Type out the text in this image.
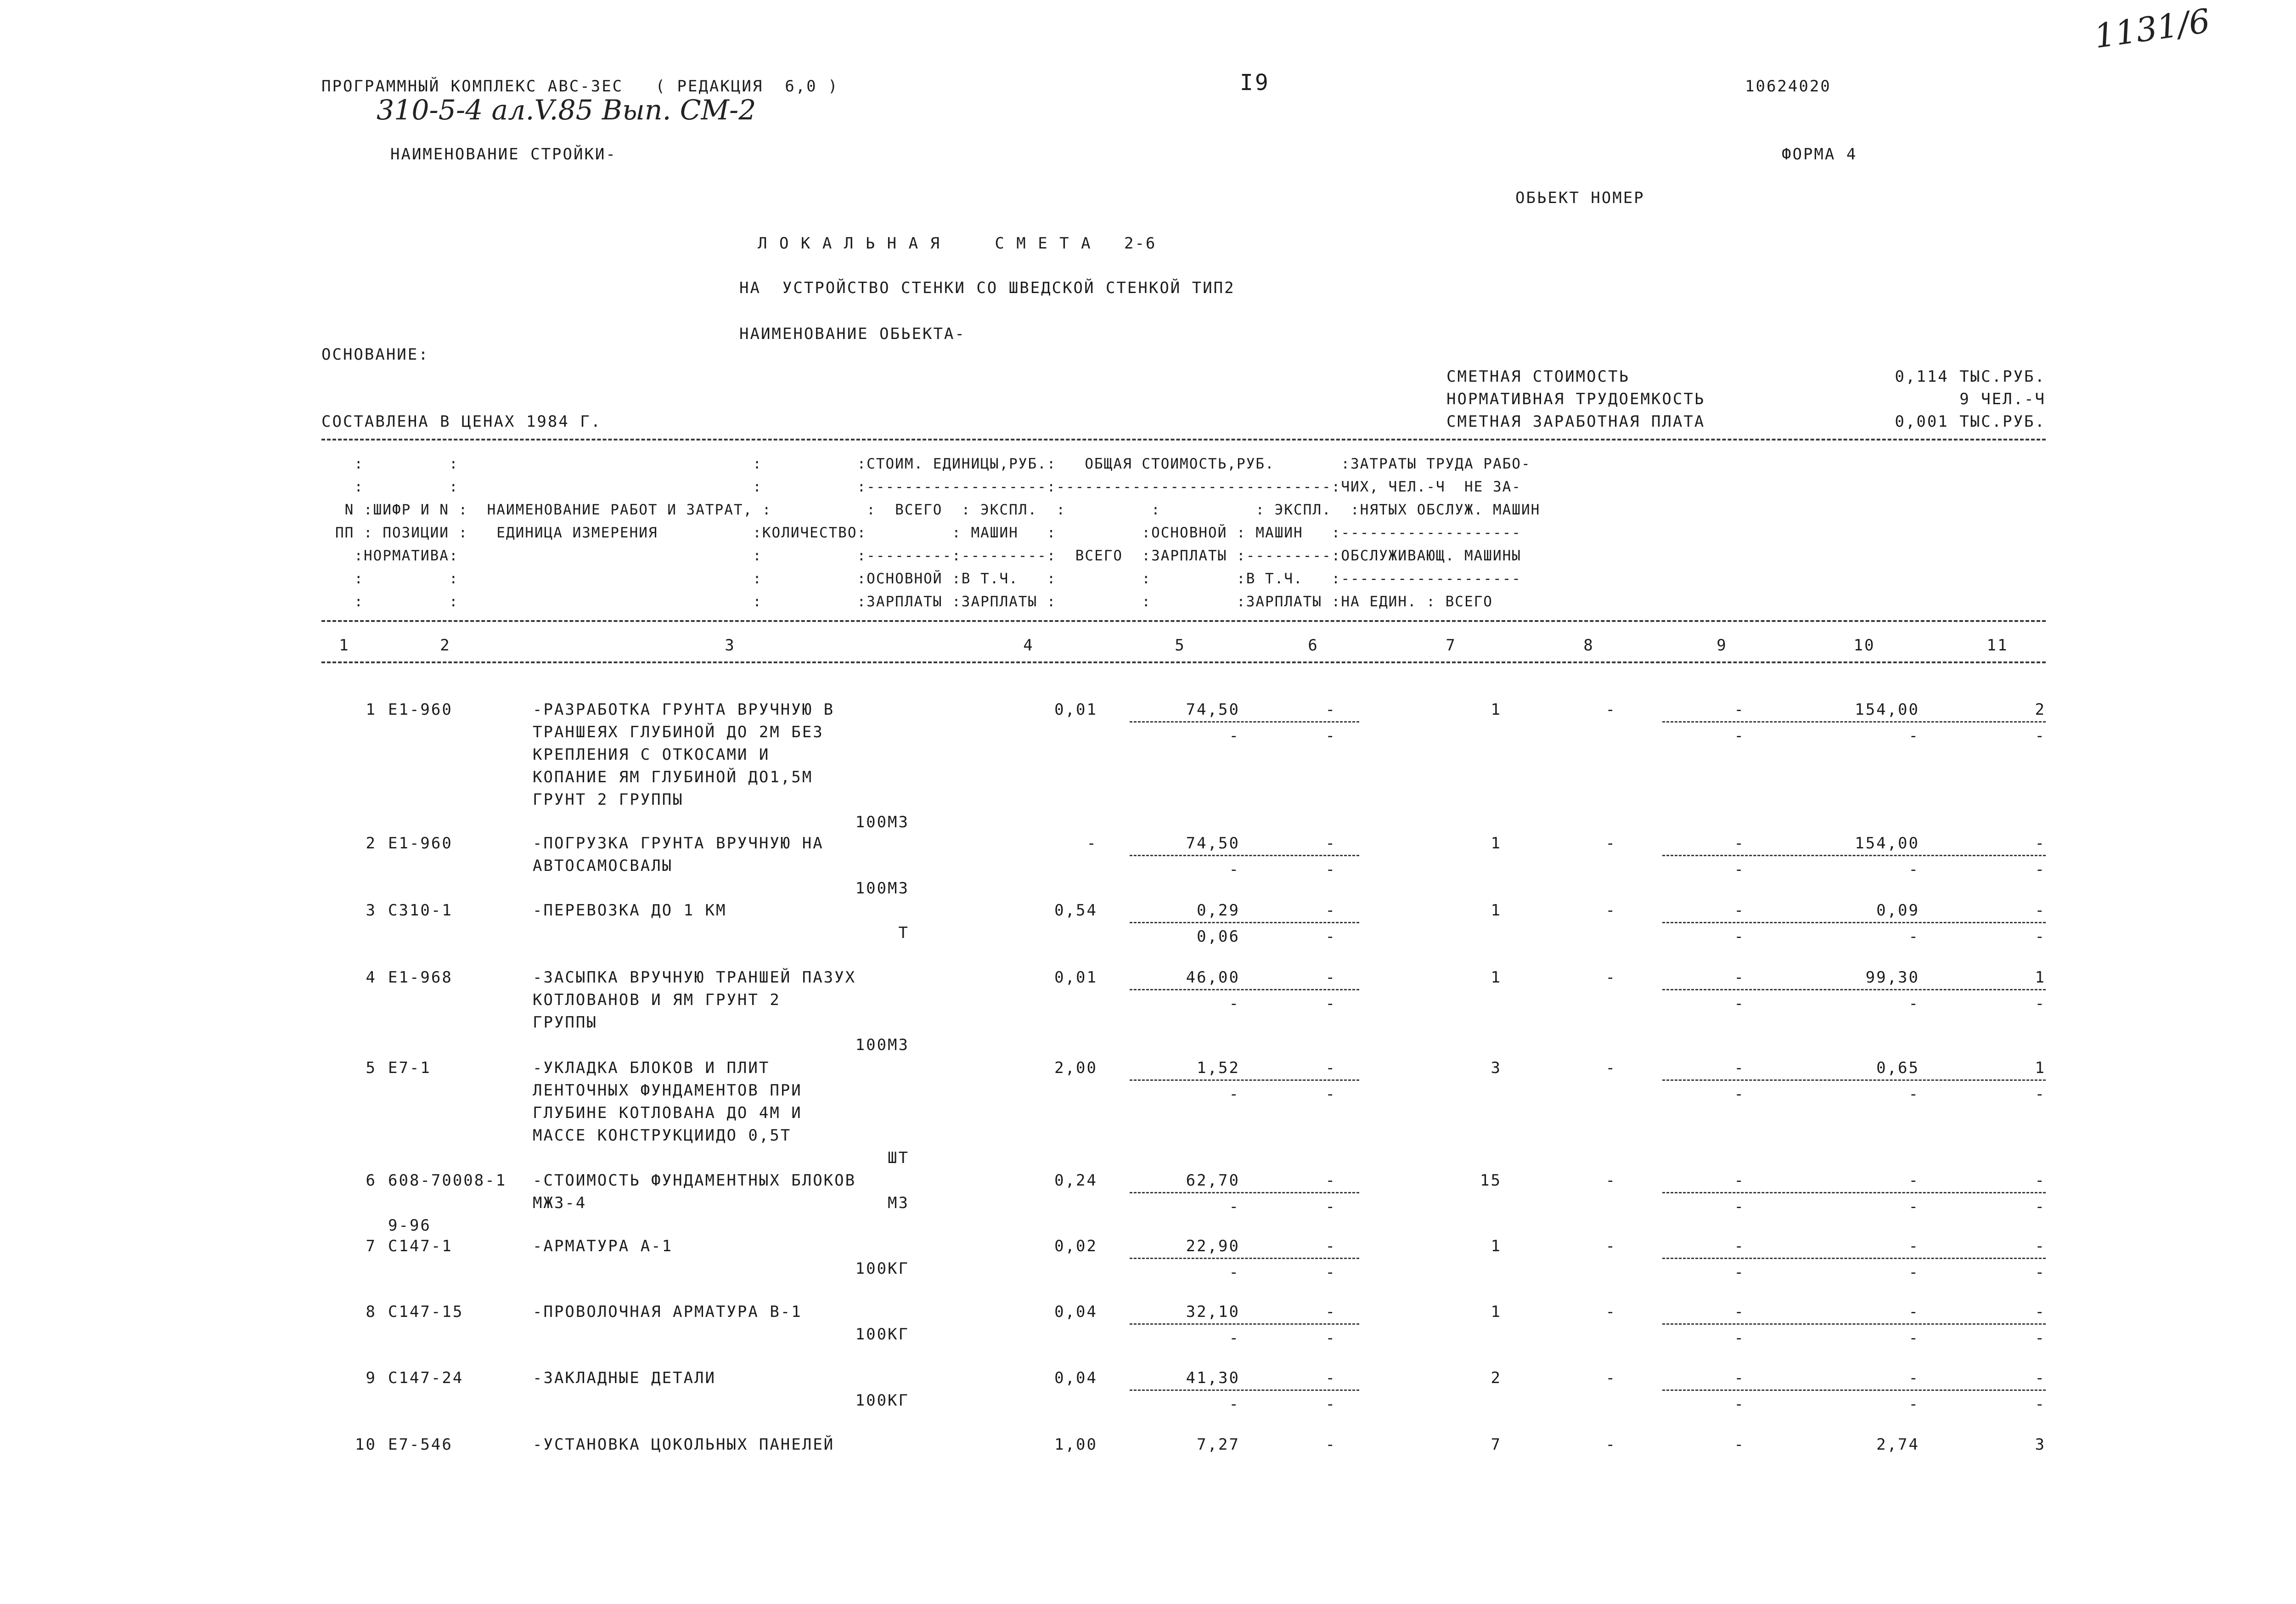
1131/6
310-5-4 ал.V.85 Вып. СМ-2
ПРОГРАММНЫЙ КОМПЛЕКС АВС-ЗЕС   ( РЕДАКЦИЯ  6,0 )	I9	10624020
НАИМЕНОВАНИЕ СТРОЙКИ-	ФОРМА 4
ОБЬЕКТ НОМЕР
Л О К А Л Ь Н А Я     С М Е Т А   2-6
НА  УСТРОЙСТВО СТЕНКИ СО ШВЕДСКОЙ СТЕНКОЙ ТИП2
НАИМЕНОВАНИЕ ОБЬЕКТА-
ОСНОВАНИЕ:
СОСТАВЛЕНА В ЦЕНАХ 1984 Г.
СМЕТНАЯ СТОИМОСТЬ	0,114 ТЫС.РУБ.
НОРМАТИВНАЯ ТРУДОЕМКОСТЬ	9 ЧЕЛ.-Ч
СМЕТНАЯ ЗАРАБОТНАЯ ПЛАТА	0,001 ТЫС.РУБ.
:         :                               :          :СТОИМ. ЕДИНИЦЫ,РУБ.:   ОБЩАЯ СТОИМОСТЬ,РУБ.       :ЗАТРАТЫ ТРУДА РАБО-
:         :                               :          :-------------------:-----------------------------:ЧИХ, ЧЕЛ.-Ч  НЕ ЗА-
N :ШИФР И N :  НАИМЕНОВАНИЕ РАБОТ И ЗАТРАТ, :          :  ВСЕГО  : ЭКСПЛ.  :         :          : ЭКСПЛ.  :НЯТЫХ ОБСЛУЖ. МАШИН
ПП : ПОЗИЦИИ :   ЕДИНИЦА ИЗМЕРЕНИЯ          :КОЛИЧЕСТВО:         : МАШИН   :         :ОСНОВНОЙ : МАШИН   :-------------------
:НОРМАТИВА:                               :          :---------:---------:  ВСЕГО  :ЗАРПЛАТЫ :---------:ОБСЛУЖИВАЮЩ. МАШИНЫ
:         :                               :          :ОСНОВНОЙ :В Т.Ч.   :         :         :В Т.Ч.   :-------------------
:         :                               :          :ЗАРПЛАТЫ :ЗАРПЛАТЫ :         :         :ЗАРПЛАТЫ :НА ЕДИН. : ВСЕГО
1	2	3	4	5	6	7	8	9	10	11
1 Е1-960	-РАЗРАБОТКА ГРУНТА ВРУЧНУЮ В
ТРАНШЕЯХ ГЛУБИНОЙ ДО 2М БЕЗ
КРЕПЛЕНИЯ С ОТКОСАМИ И
КОПАНИЕ ЯМ ГЛУБИНОЙ ДО1,5М
ГРУНТ 2 ГРУППЫ
100М3
0,01	74,50	-	1	-	-	154,00	2
-	-	-	-	-
2 Е1-960	-ПОГРУЗКА ГРУНТА ВРУЧНУЮ НА
АВТОСАМОСВАЛЫ
100М3
-	74,50	-	1	-	-	154,00	-
-	-	-	-	-
3 С310-1	-ПЕРЕВОЗКА ДО 1 КМ
Т
0,54	0,29	-	1	-	-	0,09	-
0,06	-	-	-	-
4 Е1-968	-ЗАСЫПКА ВРУЧНУЮ ТРАНШЕЙ ПАЗУХ
КОТЛОВАНОВ И ЯМ ГРУНТ 2
ГРУППЫ
100М3
0,01	46,00	-	1	-	-	99,30	1
-	-	-	-	-
5 Е7-1	-УКЛАДКА БЛОКОВ И ПЛИТ
ЛЕНТОЧНЫХ ФУНДАМЕНТОВ ПРИ
ГЛУБИНЕ КОТЛОВАНА ДО 4М И
МАССЕ КОНСТРУКЦИИДО 0,5Т
ШТ
2,00	1,52	-	3	-	-	0,65	1
-	-	-	-	-
6 608-70008-1
9-96
-СТОИМОСТЬ ФУНДАМЕНТНЫХ БЛОКОВ
МЖЗ-4	М3
0,24	62,70	-	15	-	-	-	-
-	-	-	-	-
7 С147-1	-АРМАТУРА А-1
100КГ
0,02	22,90	-	1	-	-	-	-
-	-	-	-	-
8 С147-15	-ПРОВОЛОЧНАЯ АРМАТУРА В-1
100КГ
0,04	32,10	-	1	-	-	-	-
-	-	-	-	-
9 С147-24	-ЗАКЛАДНЫЕ ДЕТАЛИ
100КГ
0,04	41,30	-	2	-	-	-	-
-	-	-	-	-
10 Е7-546	-УСТАНОВКА ЦОКОЛЬНЫХ ПАНЕЛЕЙ	1,00	7,27	-	7	-	-	2,74	3
